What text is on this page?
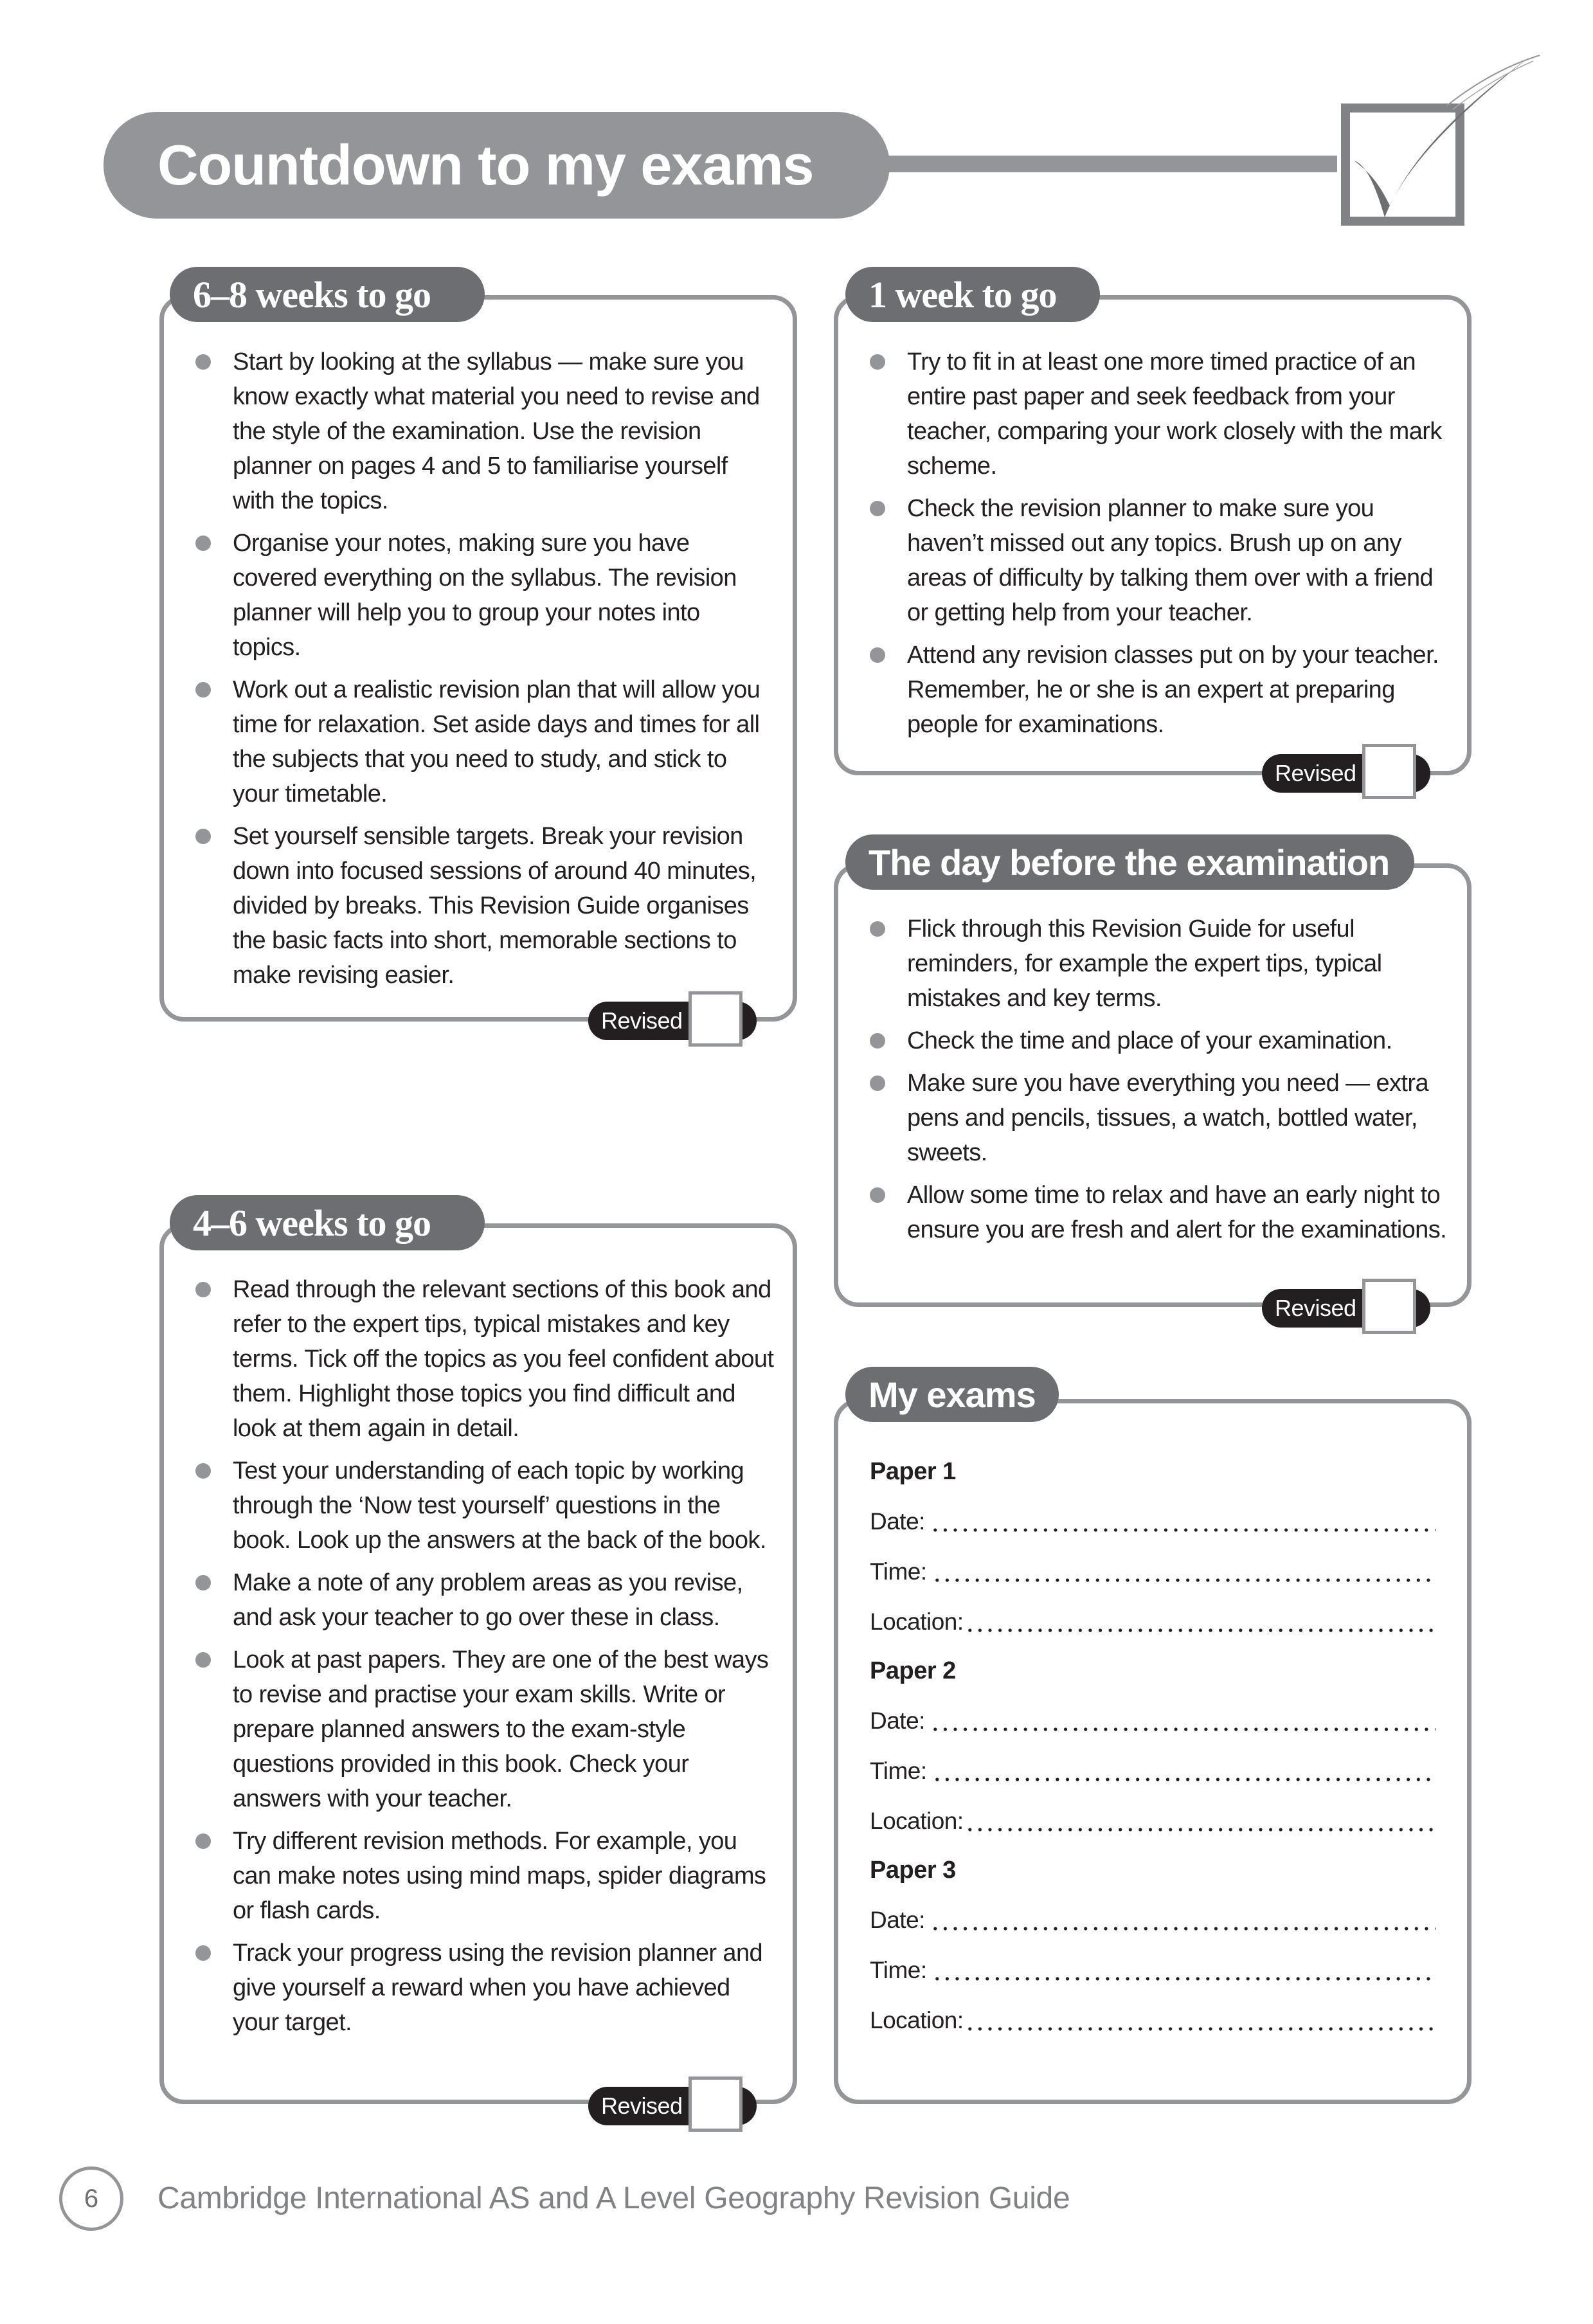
Countdown to my exams
6–8 weeks to go
Start by looking at the syllabus — make sure you know exactly what material you need to revise and the style of the examination. Use the revision planner on pages 4 and 5 to familiarise yourself with the topics.
Organise your notes, making sure you have covered everything on the syllabus. The revision planner will help you to group your notes into topics.
Work out a realistic revision plan that will allow you time for relaxation. Set aside days and times for all the subjects that you need to study, and stick to your timetable.
Set yourself sensible targets. Break your revision down into focused sessions of around 40 minutes, divided by breaks. This Revision Guide organises the basic facts into short, memorable sections to make revising easier.
Revised
4–6 weeks to go
Read through the relevant sections of this book and refer to the expert tips, typical mistakes and key terms. Tick off the topics as you feel confident about them. Highlight those topics you find difficult and look at them again in detail.
Test your understanding of each topic by working through the ‘Now test yourself’ questions in the book. Look up the answers at the back of the book.
Make a note of any problem areas as you revise, and ask your teacher to go over these in class.
Look at past papers. They are one of the best ways to revise and practise your exam skills. Write or prepare planned answers to the exam-style questions provided in this book. Check your answers with your teacher.
Try different revision methods. For example, you can make notes using mind maps, spider diagrams or flash cards.
Track your progress using the revision planner and give yourself a reward when you have achieved your target.
Revised
1 week to go
Try to fit in at least one more timed practice of an entire past paper and seek feedback from your teacher, comparing your work closely with the mark scheme.
Check the revision planner to make sure you haven’t missed out any topics. Brush up on any areas of difficulty by talking them over with a friend or getting help from your teacher.
Attend any revision classes put on by your teacher. Remember, he or she is an expert at preparing people for examinations.
Revised
The day before the examination
Flick through this Revision Guide for useful reminders, for example the expert tips, typical mistakes and key terms.
Check the time and place of your examination.
Make sure you have everything you need — extra pens and pencils, tissues, a watch, bottled water, sweets.
Allow some time to relax and have an early night to ensure you are fresh and alert for the examinations.
Revised
My exams
Paper 1
Date:
Time:
Location:
Paper 2
Date:
Time:
Location:
Paper 3
Date:
Time:
Location:
6 Cambridge International AS and A Level Geography Revision Guide
